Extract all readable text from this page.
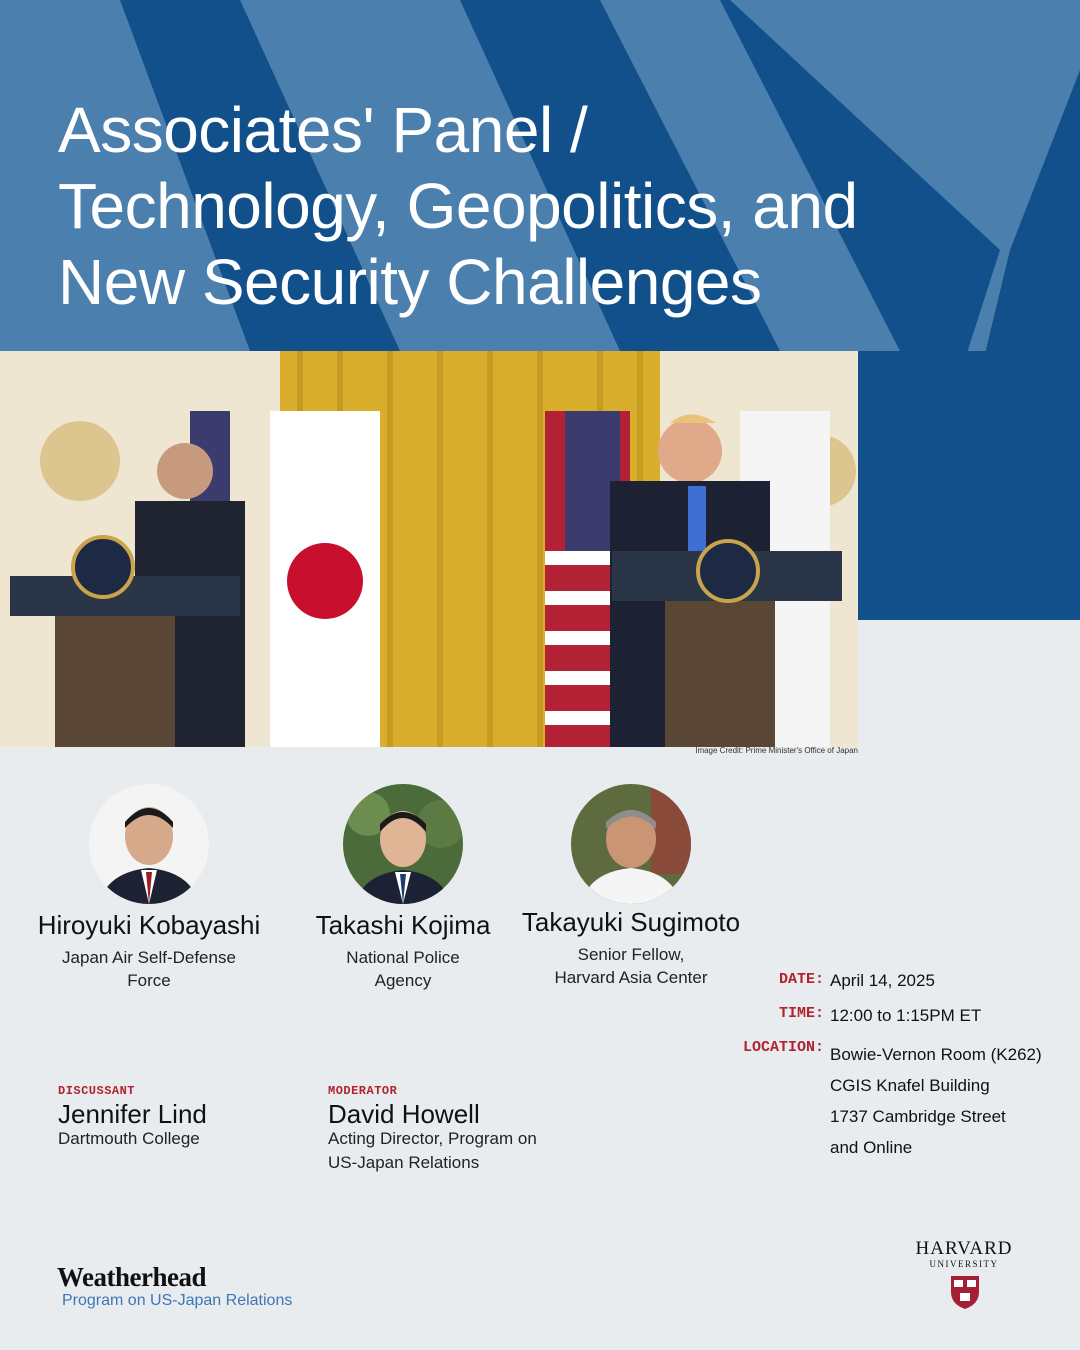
Associates' Panel /
Technology, Geopolitics, and
New Security Challenges
Image Credit: Prime Minister's Office of Japan
Hiroyuki Kobayashi
Japan Air Self-Defense
Force
Takashi Kojima
National Police
Agency
Takayuki Sugimoto
Senior Fellow,
Harvard Asia Center	DATE: April 14, 2025
TIME: 12:00 to 1:15PM ET
LOCATION: Bowie-Vernon Room (K262)
CGIS Knafel Building
1737 Cambridge Street
and Online
DISCUSSANT
Jennifer Lind
Dartmouth College
MODERATOR
David Howell
Acting Director, Program on
US-Japan Relations
Weatherhead
Program on US-Japan Relations
HARVARD
UNIVERSITY
